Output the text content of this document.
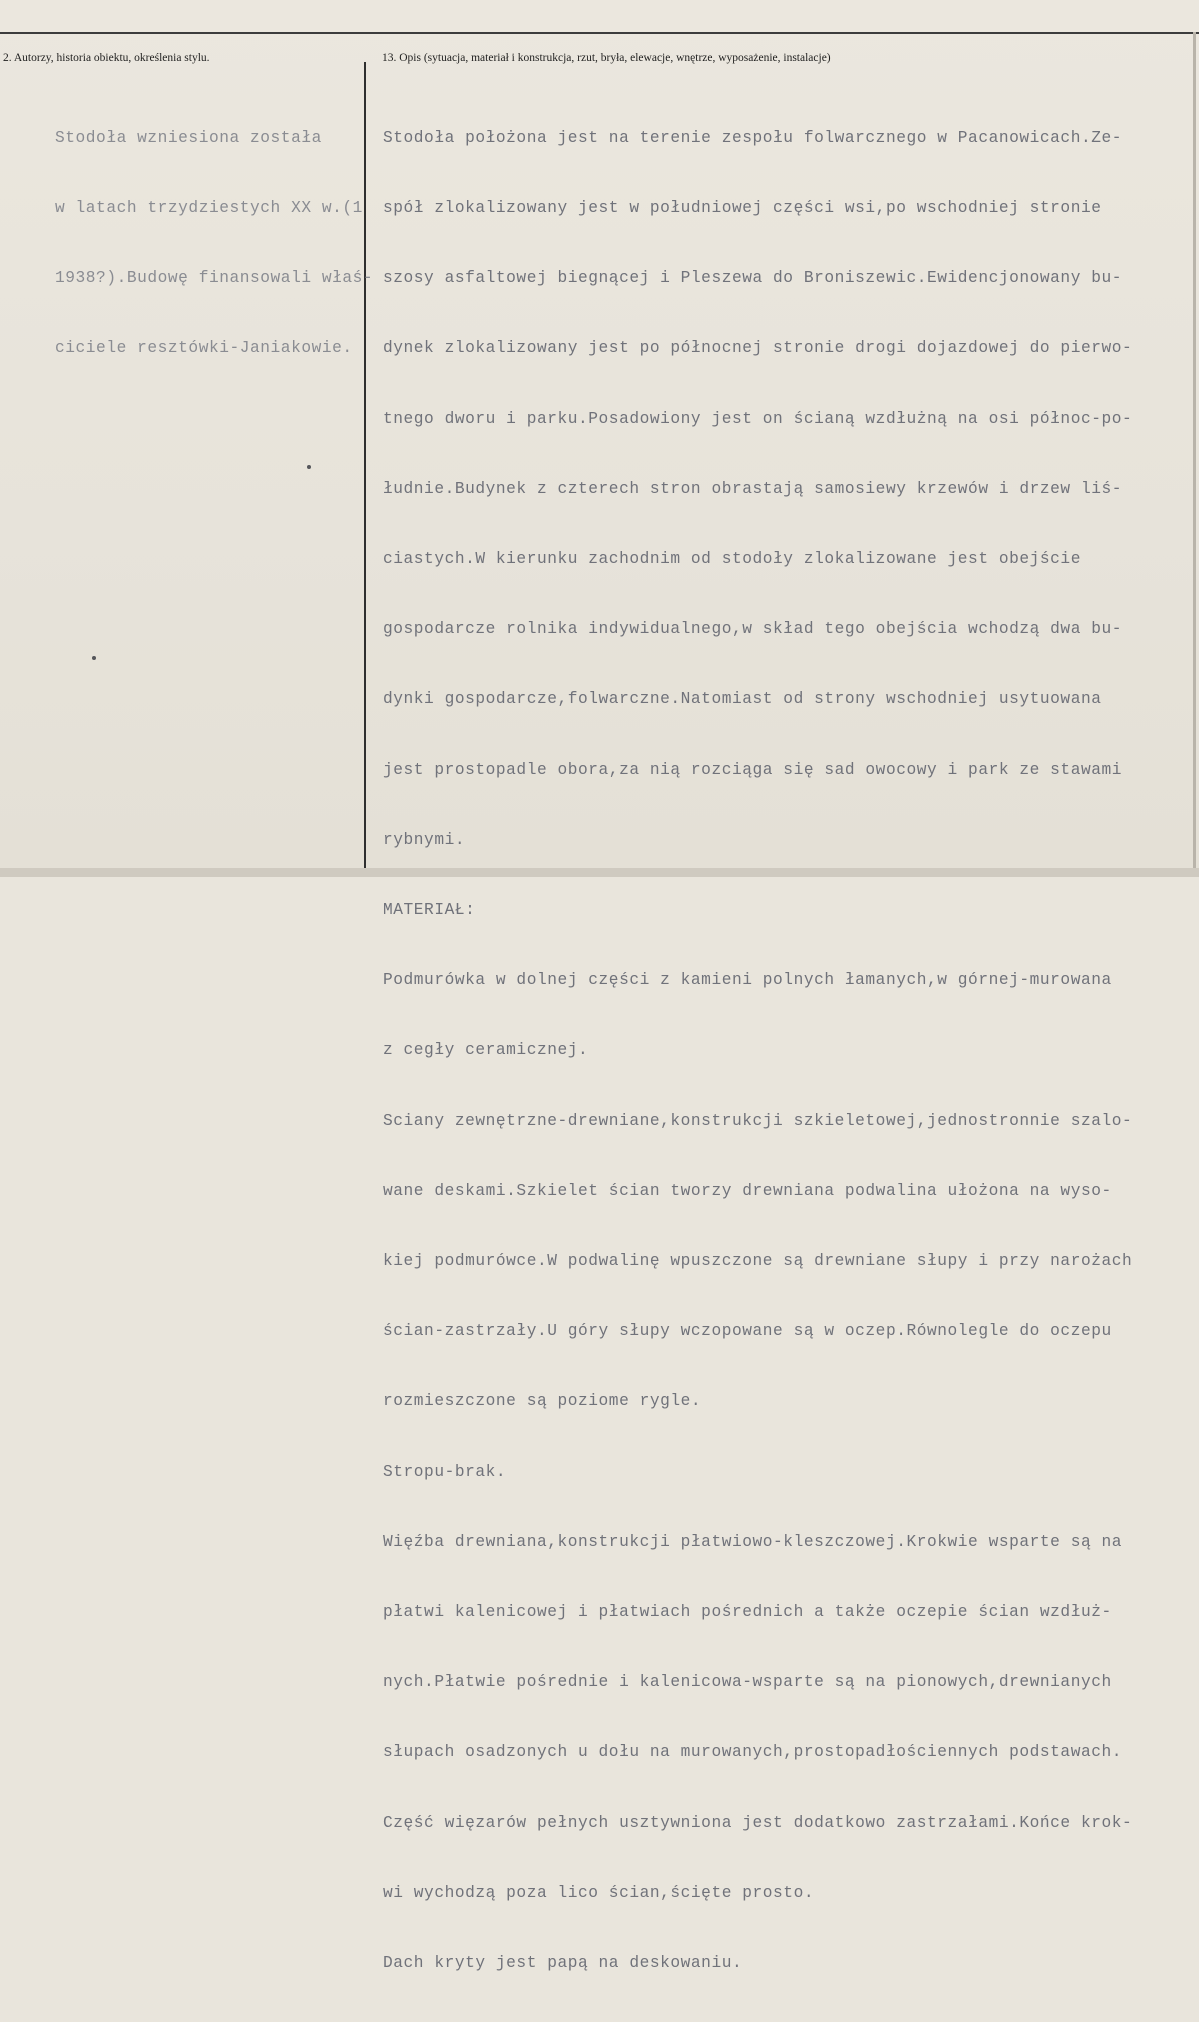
2. Autorzy, historia obiektu, określenia stylu.	13. Opis (sytuacja, materiał i konstrukcja, rzut, bryła, elewacje, wnętrze, wyposażenie, instalacje)

Stodoła wzniesiona została

w latach trzydziestych XX w.(1

1938?).Budowę finansowali właś-

ciciele resztówki-Janiakowie.

Stodoła położona jest na terenie zespołu folwarcznego w Pacanowicach.Ze-

spół zlokalizowany jest w południowej części wsi,po wschodniej stronie

szosy asfaltowej biegnącej i Pleszewa do Broniszewic.Ewidencjonowany bu-

dynek zlokalizowany jest po północnej stronie drogi dojazdowej do pierwo-

tnego dworu i parku.Posadowiony jest on ścianą wzdłużną na osi północ-po-

łudnie.Budynek z czterech stron obrastają samosiewy krzewów i drzew liś-

ciastych.W kierunku zachodnim od stodoły zlokalizowane jest obejście

gospodarcze rolnika indywidualnego,w skład tego obejścia wchodzą dwa bu-

dynki gospodarcze,folwarczne.Natomiast od strony wschodniej usytuowana

jest prostopadle obora,za nią rozciąga się sad owocowy i park ze stawami

rybnymi.

MATERIAŁ:

Podmurówka w dolnej części z kamieni polnych łamanych,w górnej-murowana

z cegły ceramicznej.

Sciany zewnętrzne-drewniane,konstrukcji szkieletowej,jednostronnie szalo-

wane deskami.Szkielet ścian tworzy drewniana podwalina ułożona na wyso-

kiej podmurówce.W podwalinę wpuszczone są drewniane słupy i przy narożach

ścian-zastrzały.U góry słupy wczopowane są w oczep.Równolegle do oczepu

rozmieszczone są poziome rygle.

Stropu-brak.

Więźba drewniana,konstrukcji płatwiowo-kleszczowej.Krokwie wsparte są na

płatwi kalenicowej i płatwiach pośrednich a także oczepie ścian wzdłuż-

nych.Płatwie pośrednie i kalenicowa-wsparte są na pionowych,drewnianych

słupach osadzonych u dołu na murowanych,prostopadłościennych podstawach.

Część więzarów pełnych usztywniona jest dodatkowo zastrzałami.Końce krok-

wi wychodzą poza lico ścian,ścięte prosto.

Dach kryty jest papą na deskowaniu.
